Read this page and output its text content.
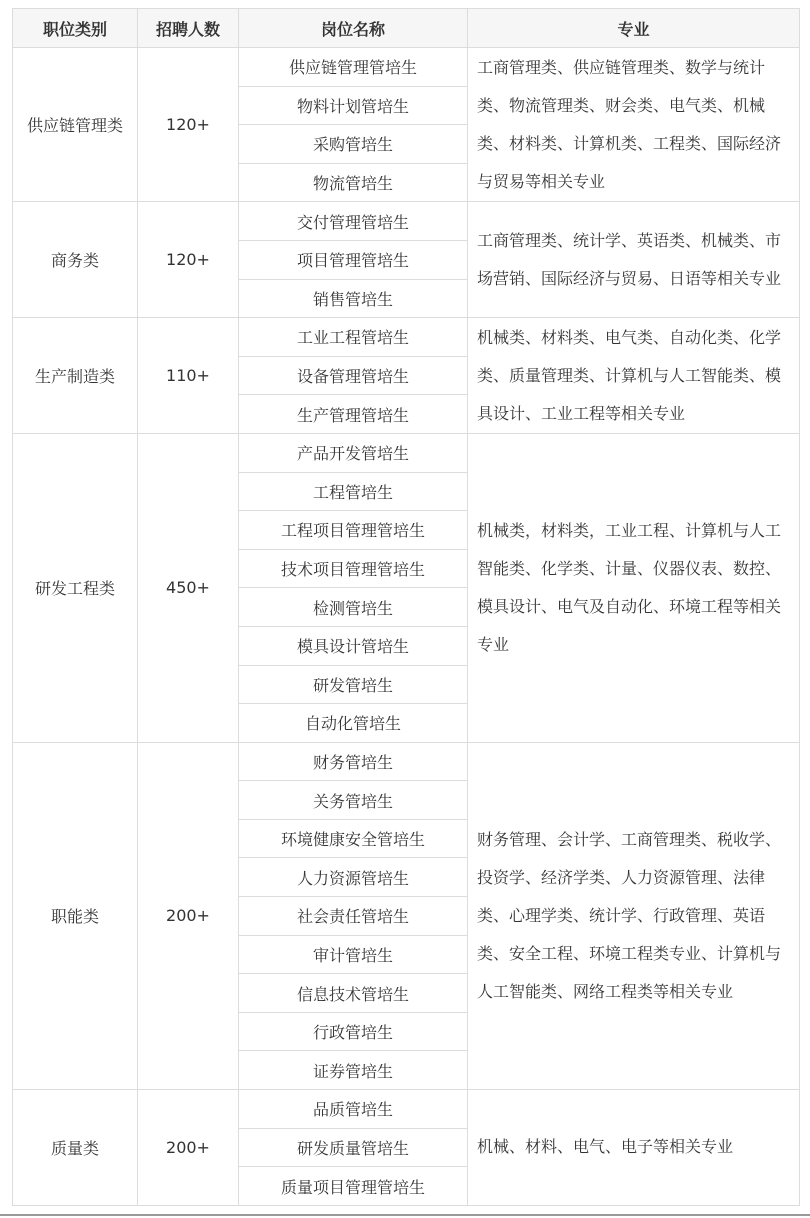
职位类别	招聘人数	岗位名称	专业
供应链管理类	120+	供应链管理管培生	工商管理类、供应链管理类、数学与统计类、物流管理类、财会类、电气类、机械类、材料类、计算机类、工程类、国际经济与贸易等相关专业
		物料计划管培生	
		采购管培生	
		物流管培生	
商务类	120+	交付管理管培生	工商管理类、统计学、英语类、机械类、市场营销、国际经济与贸易、日语等相关专业
		项目管理管培生	
		销售管培生	
生产制造类	110+	工业工程管培生	机械类、材料类、电气类、自动化类、化学类、质量管理类、计算机与人工智能类、模具设计、工业工程等相关专业
		设备管理管培生	
		生产管理管培生	
研发工程类	450+	产品开发管培生	机械类，材料类，工业工程、计算机与人工智能类、化学类、计量、仪器仪表、数控、模具设计、电气及自动化、环境工程等相关专业
		工程管培生	
		工程项目管理管培生	
		技术项目管理管培生	
		检测管培生	
		模具设计管培生	
		研发管培生	
		自动化管培生	
职能类	200+	财务管培生	财务管理、会计学、工商管理类、税收学、投资学、经济学类、人力资源管理、法律类、心理学类、统计学、行政管理、英语类、安全工程、环境工程类专业、计算机与人工智能类、网络工程类等相关专业
		关务管培生	
		环境健康安全管培生	
		人力资源管培生	
		社会责任管培生	
		审计管培生	
		信息技术管培生	
		行政管培生	
		证券管培生	
质量类	200+	品质管培生	机械、材料、电气、电子等相关专业
		研发质量管培生	
		质量项目管理管培生	
